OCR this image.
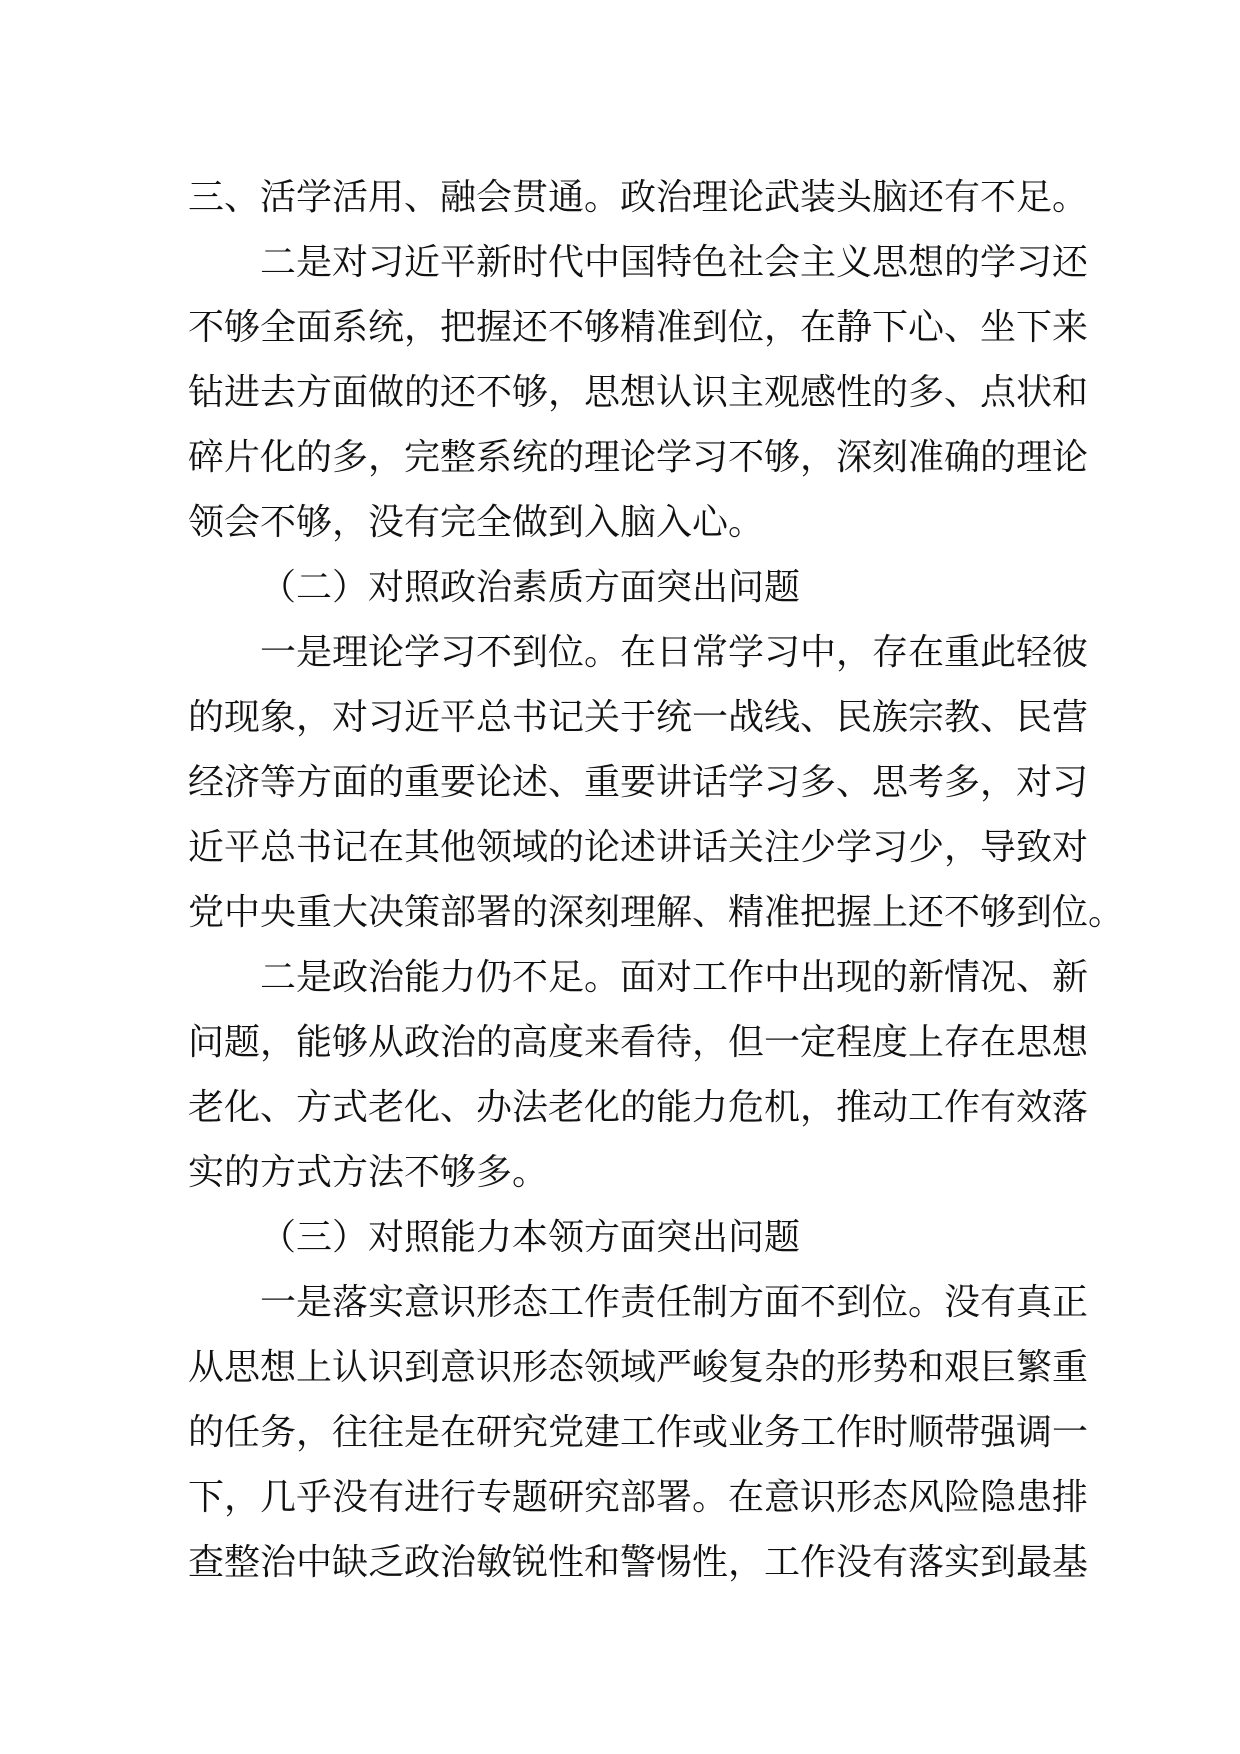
三、活学活用、融会贯通。政治理论武装头脑还有不足。
二是对习近平新时代中国特色社会主义思想的学习还
不够全面系统，把握还不够精准到位，在静下心、坐下来
钻进去方面做的还不够，思想认识主观感性的多、点状和
碎片化的多，完整系统的理论学习不够，深刻准确的理论
领会不够，没有完全做到入脑入心。
（二）对照政治素质方面突出问题
一是理论学习不到位。在日常学习中，存在重此轻彼
的现象，对习近平总书记关于统一战线、民族宗教、民营
经济等方面的重要论述、重要讲话学习多、思考多，对习
近平总书记在其他领域的论述讲话关注少学习少，导致对
党中央重大决策部署的深刻理解、精准把握上还不够到位。
二是政治能力仍不足。面对工作中出现的新情况、新
问题，能够从政治的高度来看待，但一定程度上存在思想
老化、方式老化、办法老化的能力危机，推动工作有效落
实的方式方法不够多。
（三）对照能力本领方面突出问题
一是落实意识形态工作责任制方面不到位。没有真正
从思想上认识到意识形态领域严峻复杂的形势和艰巨繁重
的任务，往往是在研究党建工作或业务工作时顺带强调一
下，几乎没有进行专题研究部署。在意识形态风险隐患排
查整治中缺乏政治敏锐性和警惕性，工作没有落实到最基
